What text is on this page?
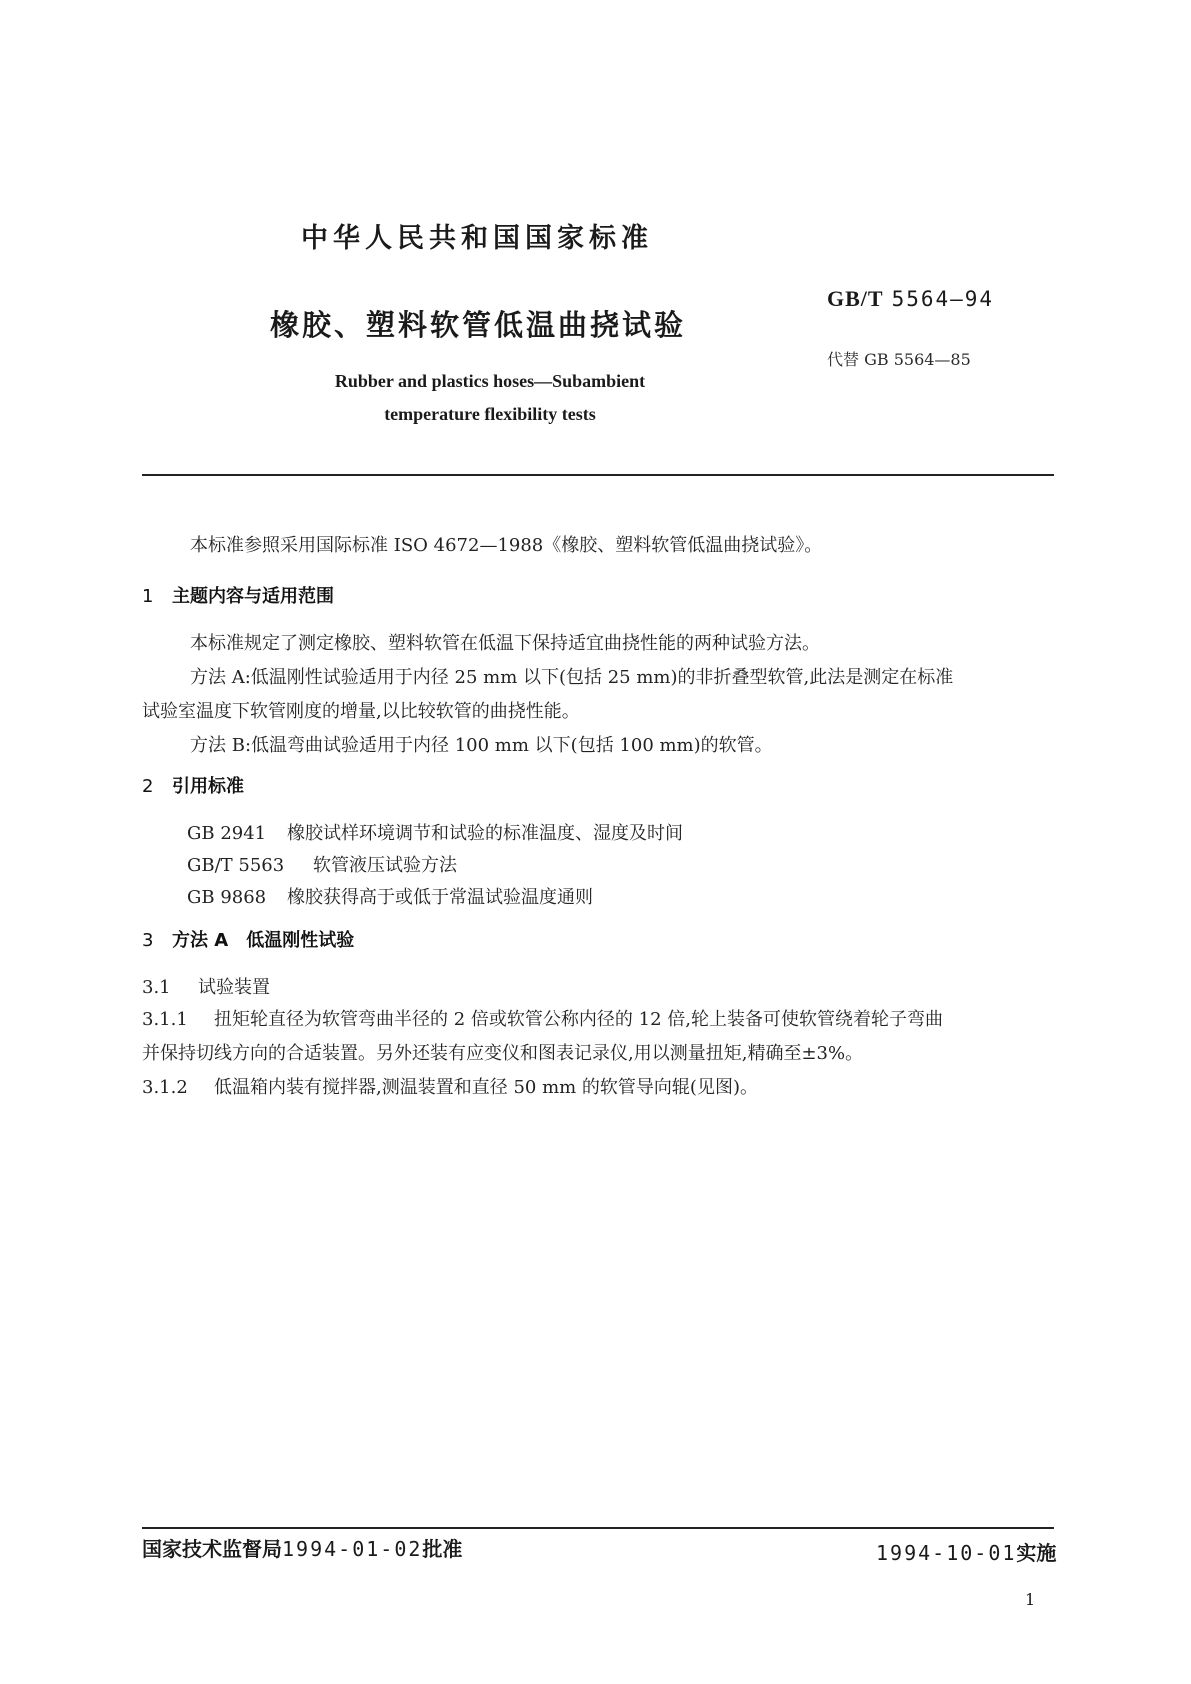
中华人民共和国国家标准
GB/T 5564—94
代替 GB 5564—85
橡胶、塑料软管低温曲挠试验
Rubber and plastics hoses—Subambient
temperature flexibility tests
本标准参照采用国际标准 ISO 4672—1988《橡胶、塑料软管低温曲挠试验》。
1 主题内容与适用范围
本标准规定了测定橡胶、塑料软管在低温下保持适宜曲挠性能的两种试验方法。
方法 A:低温刚性试验适用于内径 25 mm 以下(包括 25 mm)的非折叠型软管,此法是测定在标准
试验室温度下软管刚度的增量,以比较软管的曲挠性能。
方法 B:低温弯曲试验适用于内径 100 mm 以下(包括 100 mm)的软管。
2 引用标准
GB 2941 橡胶试样环境调节和试验的标准温度、湿度及时间
GB/T 5563 软管液压试验方法
GB 9868 橡胶获得高于或低于常温试验温度通则
3 方法 A　低温刚性试验
3.1 试验装置
3.1.1 扭矩轮直径为软管弯曲半径的 2 倍或软管公称内径的 12 倍,轮上装备可使软管绕着轮子弯曲
并保持切线方向的合适装置。另外还装有应变仪和图表记录仪,用以测量扭矩,精确至±3%。
3.1.2 低温箱内装有搅拌器,测温装置和直径 50 mm 的软管导向辊(见图)。
国家技术监督局1994-01-02批准	1994-10-01实施
1
